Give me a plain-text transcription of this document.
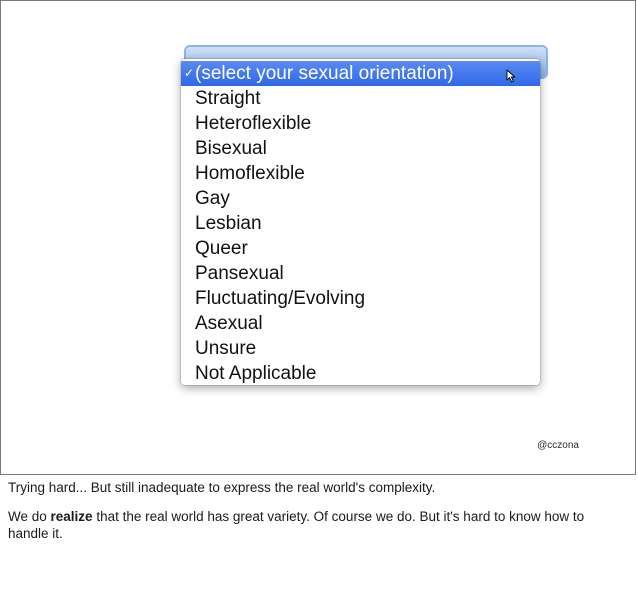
✓ (select your sexual orientation)
Straight
Heteroflexible
Bisexual
Homoflexible
Gay
Lesbian
Queer
Pansexual
Fluctuating/Evolving
Asexual
Unsure
Not Applicable
@cczona

Trying hard... But still inadequate to express the real world's complexity.

We do realize that the real world has great variety. Of course we do. But it's hard to know how to handle it.
